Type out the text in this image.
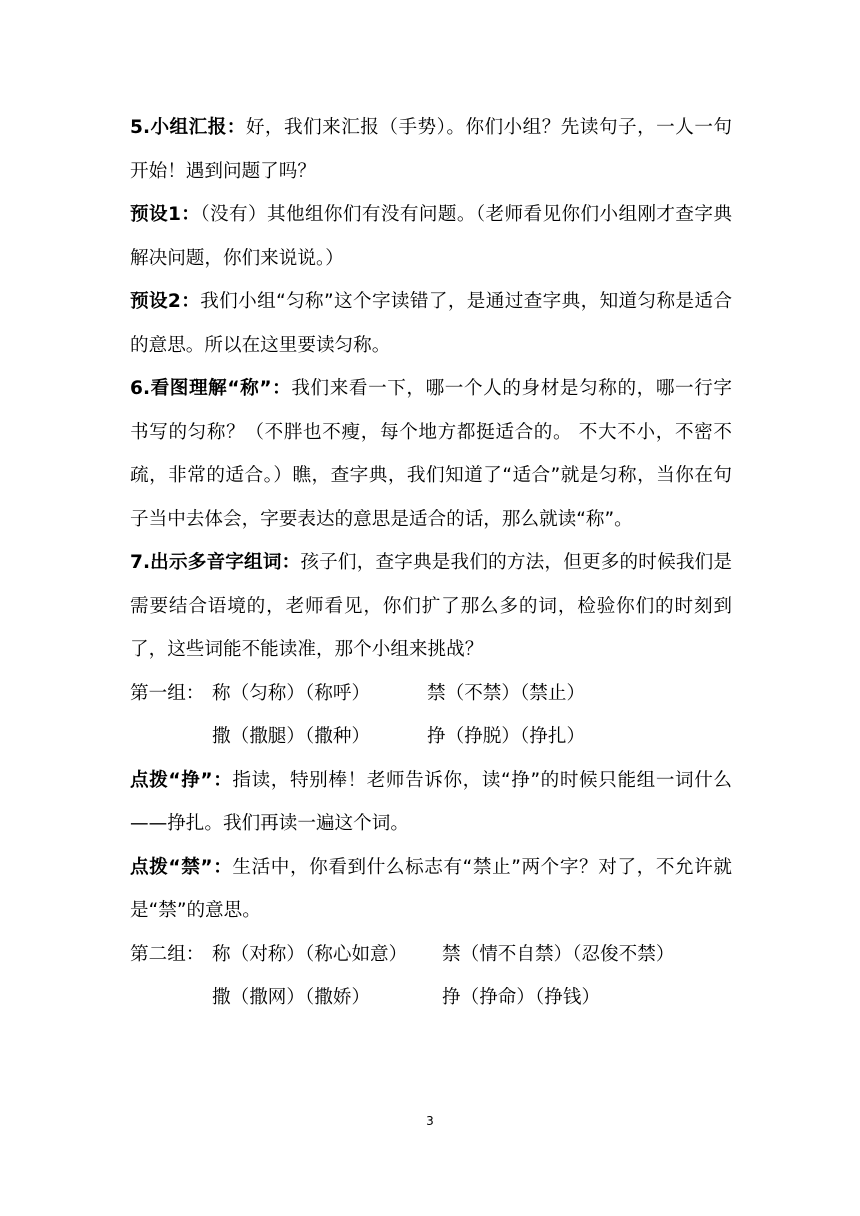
5.小组汇报：好，我们来汇报（手势）。你们小组？先读句子，一人一句开始！遇到问题了吗？

预设1：（没有）其他组你们有没有问题。（老师看见你们小组刚才查字典解决问题，你们来说说。）

预设2：我们小组“匀称”这个字读错了，是通过查字典，知道匀称是适合的意思。所以在这里要读匀称。

6.看图理解“称”：我们来看一下，哪一个人的身材是匀称的，哪一行字书写的匀称？（不胖也不瘦，每个地方都挺适合的。 不大不小，不密不疏，非常的适合。）瞧，查字典，我们知道了“适合”就是匀称，当你在句子当中去体会，字要表达的意思是适合的话，那么就读“称”。

7.出示多音字组词：孩子们，查字典是我们的方法，但更多的时候我们是需要结合语境的，老师看见，你们扩了那么多的词，检验你们的时刻到了，这些词能不能读准，那个小组来挑战？

第一组： 称（匀称）（称呼）	禁（不禁）（禁止）
撒（撒腿）（撒种）	挣（挣脱）（挣扎）

点拨“挣”：指读，特别棒！老师告诉你，读“挣”的时候只能组一词什么——挣扎。我们再读一遍这个词。

点拨“禁”：生活中，你看到什么标志有“禁止”两个字？对了，不允许就是“禁”的意思。

第二组： 称（对称）（称心如意）	禁（情不自禁）（忍俊不禁）
撒（撒网）（撒娇）	挣（挣命）（挣钱）
3
